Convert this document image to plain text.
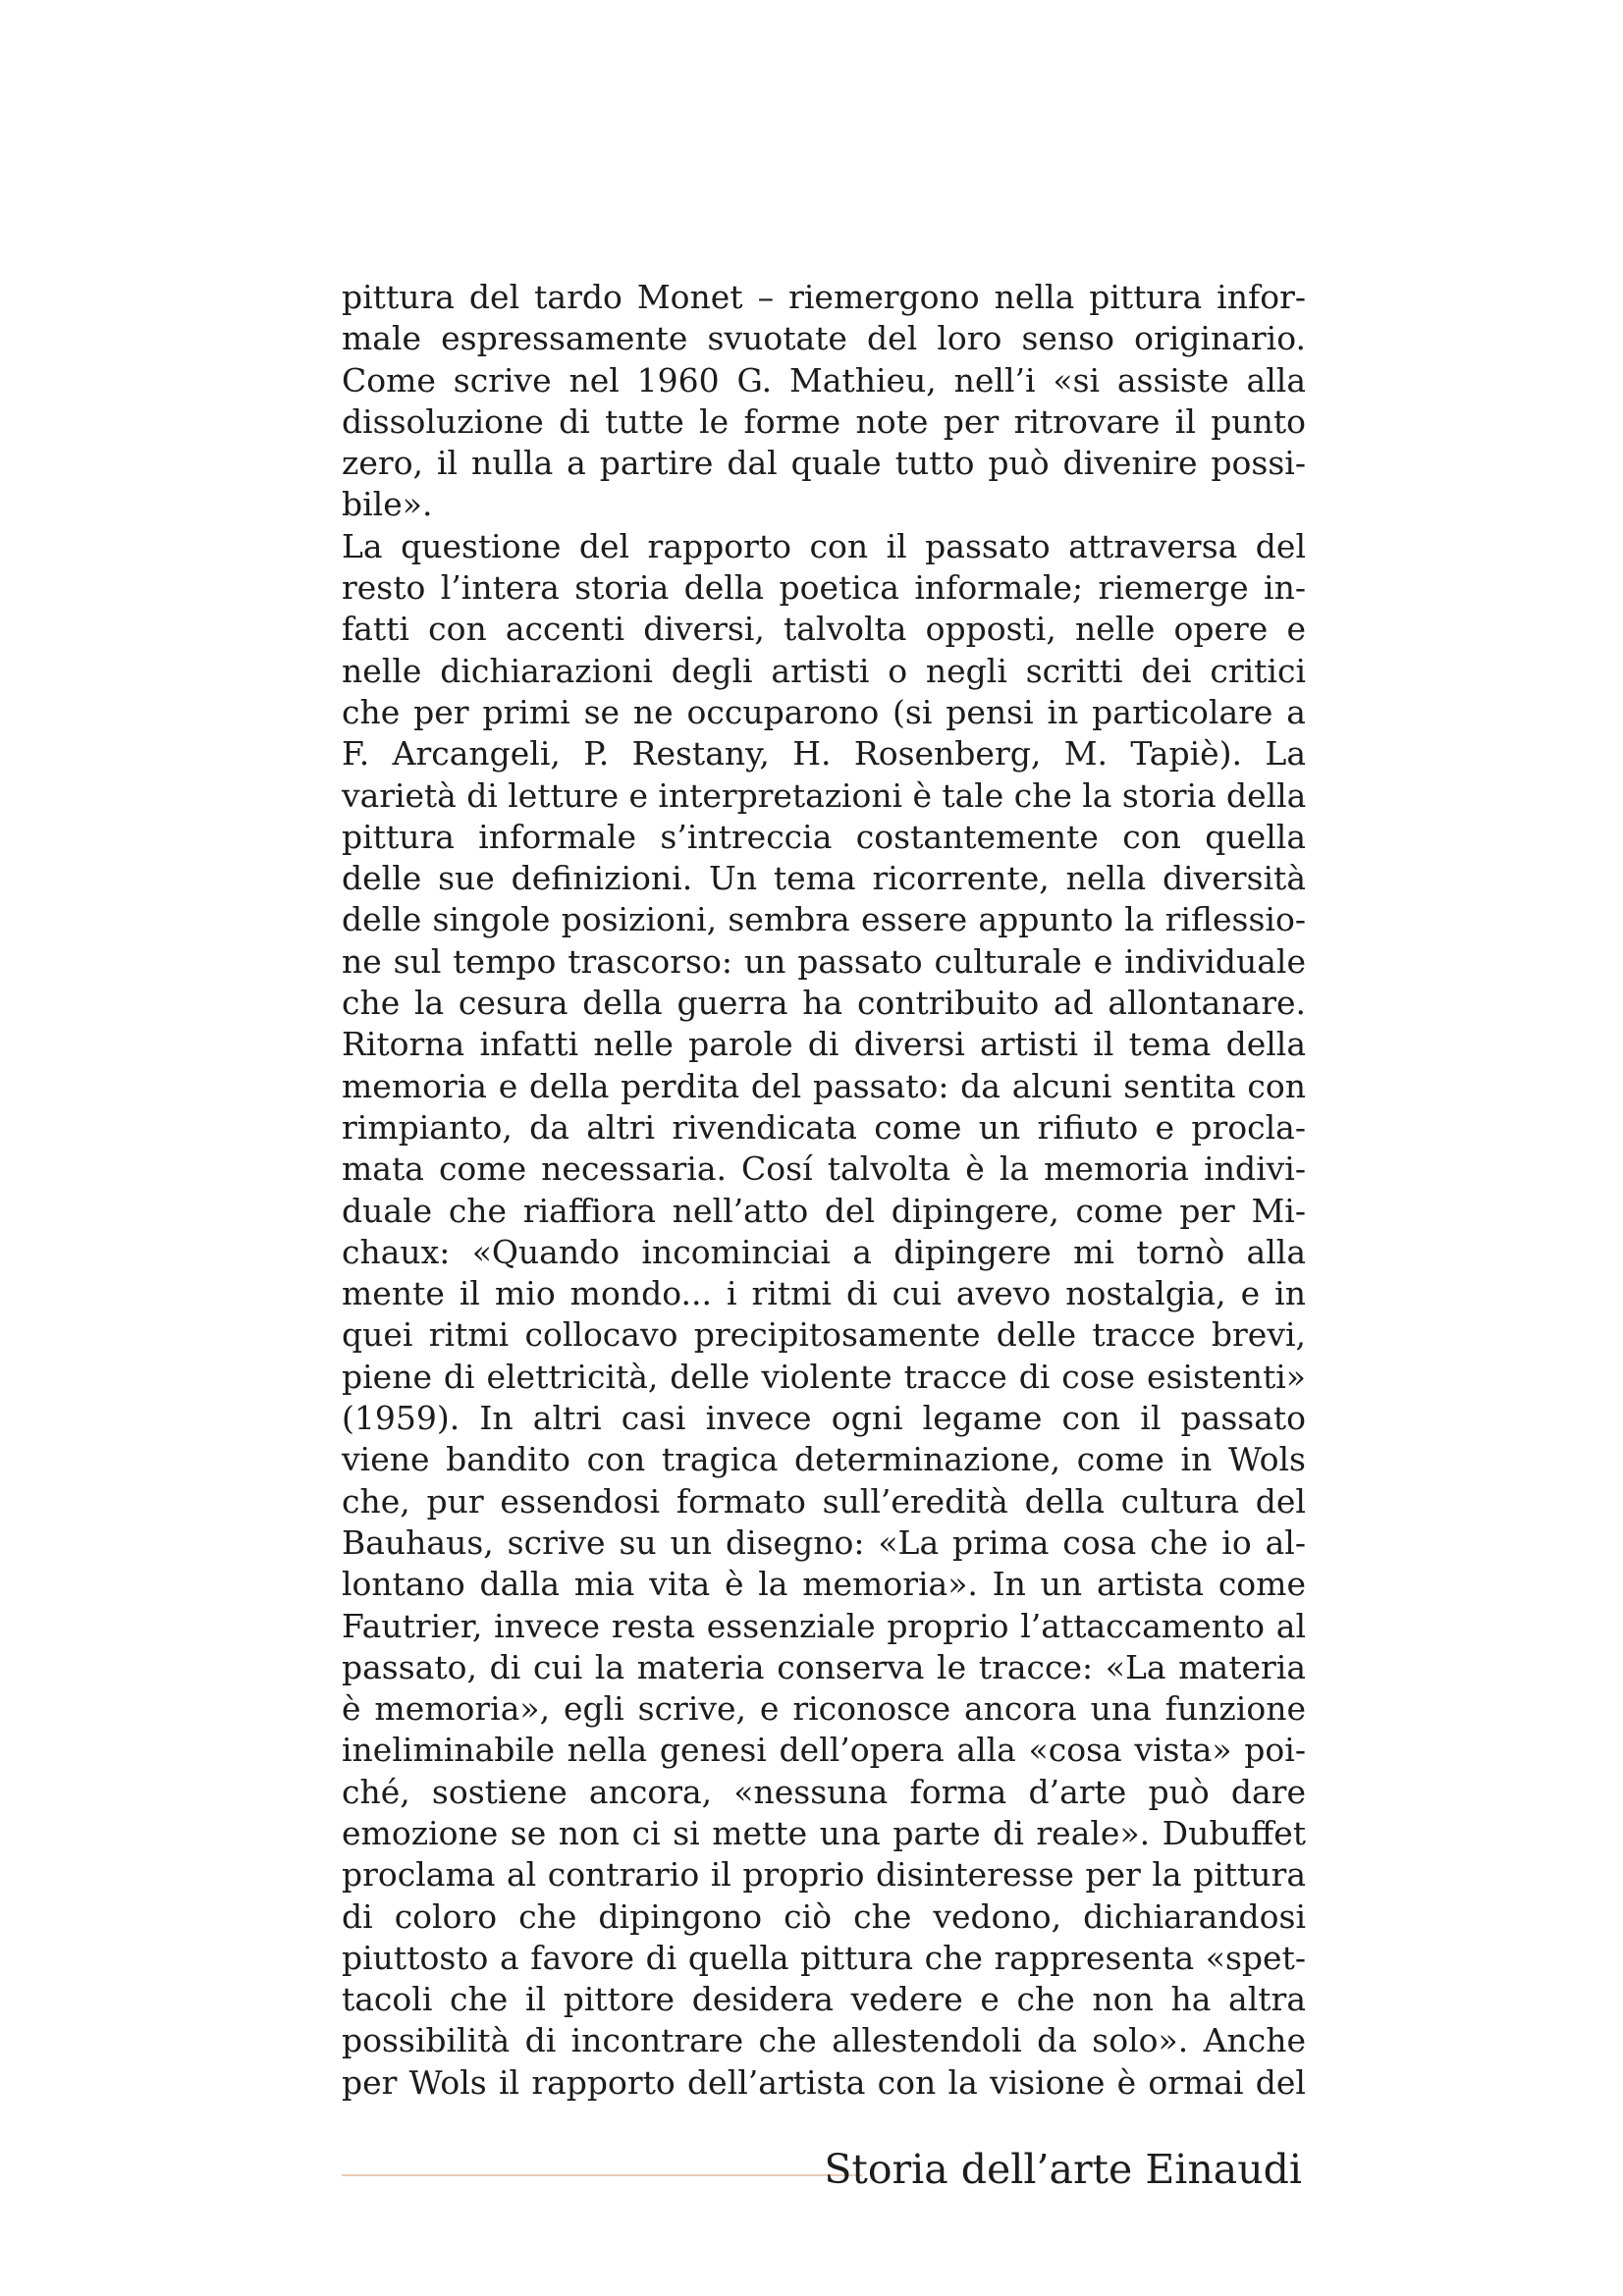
pittura del tardo Monet – riemergono nella pittura infor-
male espressamente svuotate del loro senso originario.
Come scrive nel 1960 G. Mathieu, nell’i «si assiste alla
dissoluzione di tutte le forme note per ritrovare il punto
zero, il nulla a partire dal quale tutto può divenire possi-
bile».
La questione del rapporto con il passato attraversa del
resto l’intera storia della poetica informale; riemerge in-
fatti con accenti diversi, talvolta opposti, nelle opere e
nelle dichiarazioni degli artisti o negli scritti dei critici
che per primi se ne occuparono (si pensi in particolare a
F. Arcangeli, P. Restany, H. Rosenberg, M. Tapiè). La
varietà di letture e interpretazioni è tale che la storia della
pittura informale s’intreccia costantemente con quella
delle sue definizioni. Un tema ricorrente, nella diversità
delle singole posizioni, sembra essere appunto la riflessio-
ne sul tempo trascorso: un passato culturale e individuale
che la cesura della guerra ha contribuito ad allontanare.
Ritorna infatti nelle parole di diversi artisti il tema della
memoria e della perdita del passato: da alcuni sentita con
rimpianto, da altri rivendicata come un rifiuto e procla-
mata come necessaria. Cosí talvolta è la memoria indivi-
duale che riaffiora nell’atto del dipingere, come per Mi-
chaux: «Quando incominciai a dipingere mi tornò alla
mente il mio mondo... i ritmi di cui avevo nostalgia, e in
quei ritmi collocavo precipitosamente delle tracce brevi,
piene di elettricità, delle violente tracce di cose esistenti»
(1959). In altri casi invece ogni legame con il passato
viene bandito con tragica determinazione, come in Wols
che, pur essendosi formato sull’eredità della cultura del
Bauhaus, scrive su un disegno: «La prima cosa che io al-
lontano dalla mia vita è la memoria». In un artista come
Fautrier, invece resta essenziale proprio l’attaccamento al
passato, di cui la materia conserva le tracce: «La materia
è memoria», egli scrive, e riconosce ancora una funzione
ineliminabile nella genesi dell’opera alla «cosa vista» poi-
ché, sostiene ancora, «nessuna forma d’arte può dare
emozione se non ci si mette una parte di reale». Dubuffet
proclama al contrario il proprio disinteresse per la pittura
di coloro che dipingono ciò che vedono, dichiarandosi
piuttosto a favore di quella pittura che rappresenta «spet-
tacoli che il pittore desidera vedere e che non ha altra
possibilità di incontrare che allestendoli da solo». Anche
per Wols il rapporto dell’artista con la visione è ormai del
Storia dell’arte Einaudi
